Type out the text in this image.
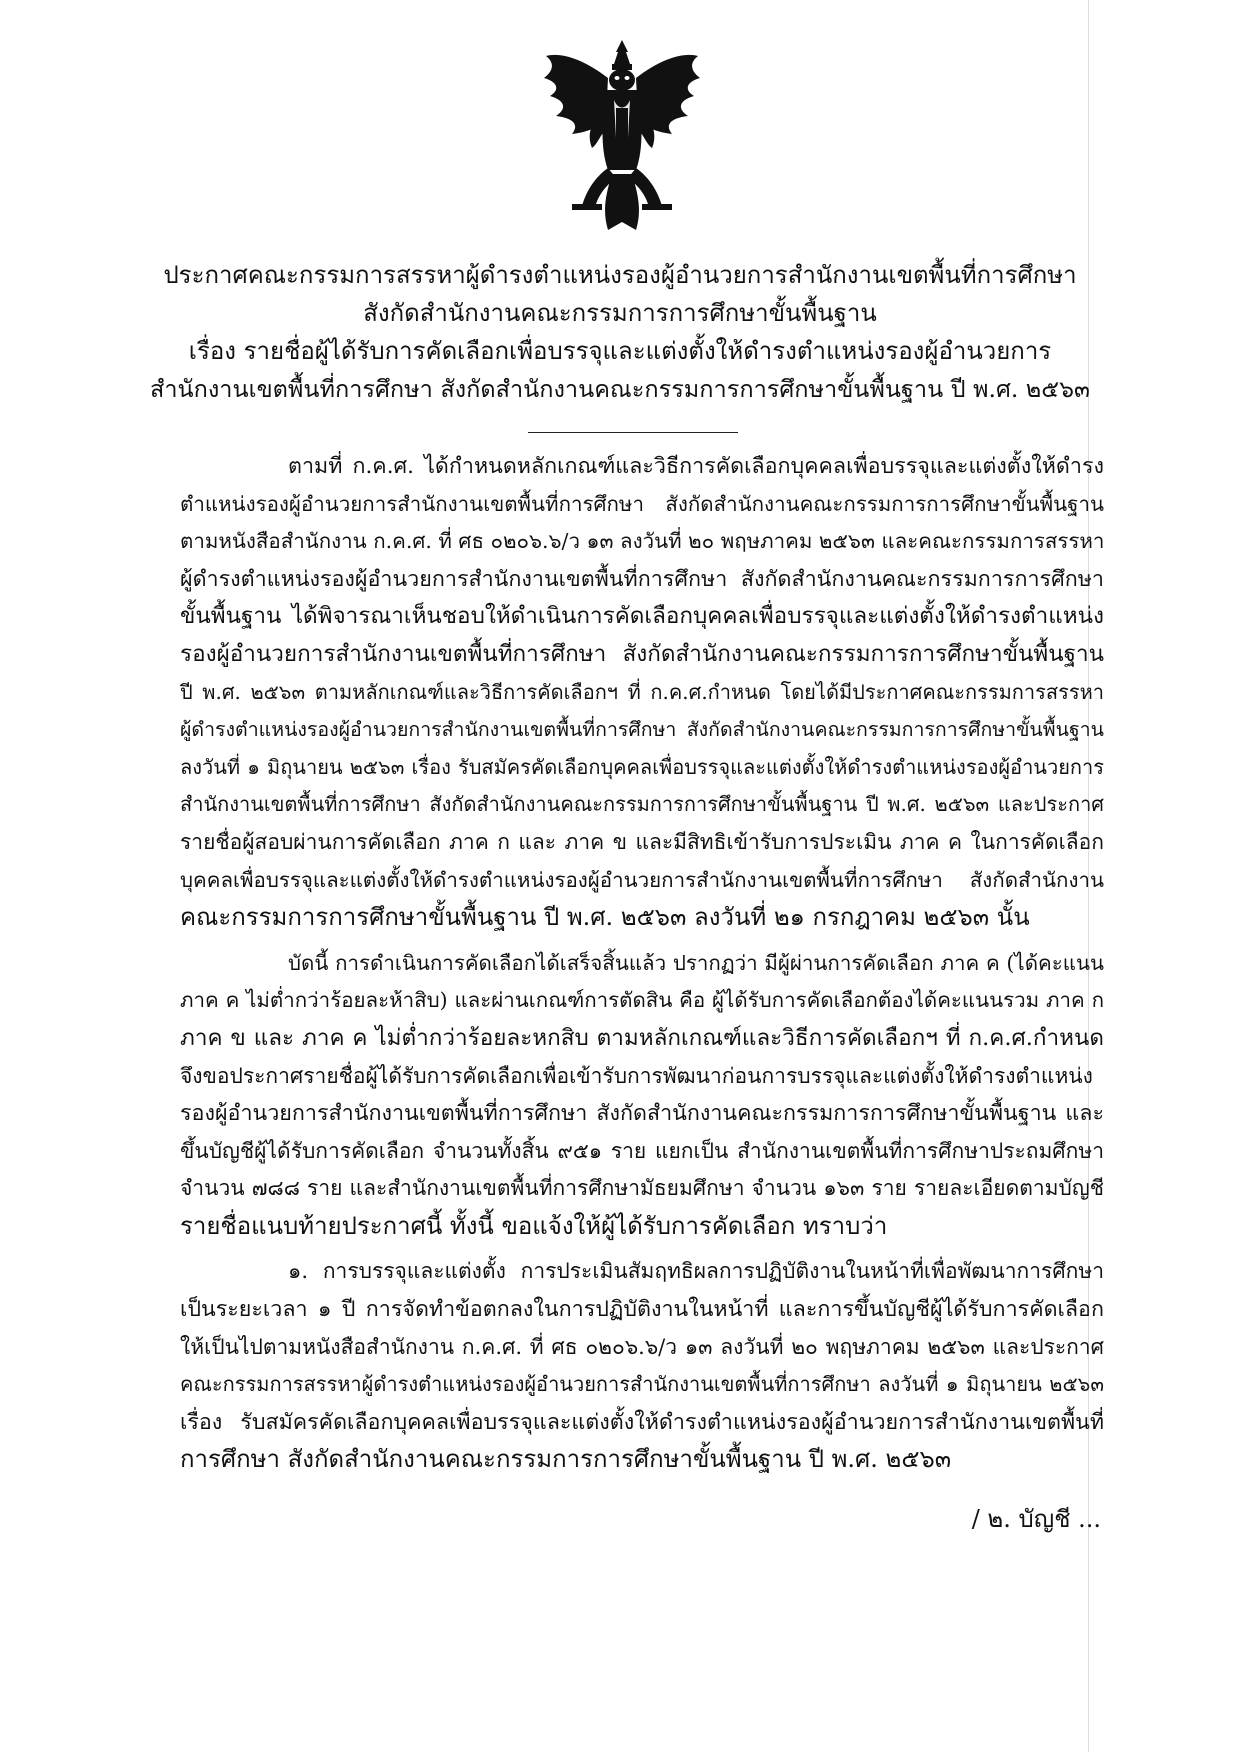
ประกาศคณะกรรมการสรรหาผู้ดำรงตำแหน่งรองผู้อำนวยการสำนักงานเขตพื้นที่การศึกษา
สังกัดสำนักงานคณะกรรมการการศึกษาขั้นพื้นฐาน
เรื่อง รายชื่อผู้ได้รับการคัดเลือกเพื่อบรรจุและแต่งตั้งให้ดำรงตำแหน่งรองผู้อำนวยการ
สำนักงานเขตพื้นที่การศึกษา สังกัดสำนักงานคณะกรรมการการศึกษาขั้นพื้นฐาน ปี พ.ศ. ๒๕๖๓
ตามที่ ก.ค.ศ. ได้กำหนดหลักเกณฑ์และวิธีการคัดเลือกบุคคลเพื่อบรรจุและแต่งตั้งให้ดำรง
ตำแหน่งรองผู้อำนวยการสำนักงานเขตพื้นที่การศึกษา สังกัดสำนักงานคณะกรรมการการศึกษาขั้นพื้นฐาน
ตามหนังสือสำนักงาน ก.ค.ศ. ที่ ศธ ๐๒๐๖.๖/ว ๑๓ ลงวันที่ ๒๐ พฤษภาคม ๒๕๖๓ และคณะกรรมการสรรหา
ผู้ดำรงตำแหน่งรองผู้อำนวยการสำนักงานเขตพื้นที่การศึกษา สังกัดสำนักงานคณะกรรมการการศึกษา
ขั้นพื้นฐาน ได้พิจารณาเห็นชอบให้ดำเนินการคัดเลือกบุคคลเพื่อบรรจุและแต่งตั้งให้ดำรงตำแหน่ง
รองผู้อำนวยการสำนักงานเขตพื้นที่การศึกษา สังกัดสำนักงานคณะกรรมการการศึกษาขั้นพื้นฐาน
ปี พ.ศ. ๒๕๖๓ ตามหลักเกณฑ์และวิธีการคัดเลือกฯ ที่ ก.ค.ศ.กำหนด โดยได้มีประกาศคณะกรรมการสรรหา
ผู้ดำรงตำแหน่งรองผู้อำนวยการสำนักงานเขตพื้นที่การศึกษา สังกัดสำนักงานคณะกรรมการการศึกษาขั้นพื้นฐาน
ลงวันที่ ๑ มิถุนายน ๒๕๖๓ เรื่อง รับสมัครคัดเลือกบุคคลเพื่อบรรจุและแต่งตั้งให้ดำรงตำแหน่งรองผู้อำนวยการ
สำนักงานเขตพื้นที่การศึกษา สังกัดสำนักงานคณะกรรมการการศึกษาขั้นพื้นฐาน ปี พ.ศ. ๒๕๖๓ และประกาศ
รายชื่อผู้สอบผ่านการคัดเลือก ภาค ก และ ภาค ข และมีสิทธิเข้ารับการประเมิน ภาค ค ในการคัดเลือก
บุคคลเพื่อบรรจุและแต่งตั้งให้ดำรงตำแหน่งรองผู้อำนวยการสำนักงานเขตพื้นที่การศึกษา สังกัดสำนักงาน
คณะกรรมการการศึกษาขั้นพื้นฐาน ปี พ.ศ. ๒๕๖๓ ลงวันที่ ๒๑ กรกฎาคม ๒๕๖๓ นั้น
บัดนี้ การดำเนินการคัดเลือกได้เสร็จสิ้นแล้ว ปรากฏว่า มีผู้ผ่านการคัดเลือก ภาค ค (ได้คะแนน
ภาค ค ไม่ต่ำกว่าร้อยละห้าสิบ) และผ่านเกณฑ์การตัดสิน คือ ผู้ได้รับการคัดเลือกต้องได้คะแนนรวม ภาค ก
ภาค ข และ ภาค ค ไม่ต่ำกว่าร้อยละหกสิบ ตามหลักเกณฑ์และวิธีการคัดเลือกฯ ที่ ก.ค.ศ.กำหนด
จึงขอประกาศรายชื่อผู้ได้รับการคัดเลือกเพื่อเข้ารับการพัฒนาก่อนการบรรจุและแต่งตั้งให้ดำรงตำแหน่ง
รองผู้อำนวยการสำนักงานเขตพื้นที่การศึกษา สังกัดสำนักงานคณะกรรมการการศึกษาขั้นพื้นฐาน และ
ขึ้นบัญชีผู้ได้รับการคัดเลือก จำนวนทั้งสิ้น ๙๕๑ ราย แยกเป็น สำนักงานเขตพื้นที่การศึกษาประถมศึกษา
จำนวน ๗๘๘ ราย และสำนักงานเขตพื้นที่การศึกษามัธยมศึกษา จำนวน ๑๖๓ ราย รายละเอียดตามบัญชี
รายชื่อแนบท้ายประกาศนี้ ทั้งนี้ ขอแจ้งให้ผู้ได้รับการคัดเลือก ทราบว่า
๑. การบรรจุและแต่งตั้ง การประเมินสัมฤทธิผลการปฏิบัติงานในหน้าที่เพื่อพัฒนาการศึกษา
เป็นระยะเวลา ๑ ปี การจัดทำข้อตกลงในการปฏิบัติงานในหน้าที่ และการขึ้นบัญชีผู้ได้รับการคัดเลือก
ให้เป็นไปตามหนังสือสำนักงาน ก.ค.ศ. ที่ ศธ ๐๒๐๖.๖/ว ๑๓ ลงวันที่ ๒๐ พฤษภาคม ๒๕๖๓ และประกาศ
คณะกรรมการสรรหาผู้ดำรงตำแหน่งรองผู้อำนวยการสำนักงานเขตพื้นที่การศึกษา ลงวันที่ ๑ มิถุนายน ๒๕๖๓
เรื่อง รับสมัครคัดเลือกบุคคลเพื่อบรรจุและแต่งตั้งให้ดำรงตำแหน่งรองผู้อำนวยการสำนักงานเขตพื้นที่
การศึกษา สังกัดสำนักงานคณะกรรมการการศึกษาขั้นพื้นฐาน ปี พ.ศ. ๒๕๖๓
/ ๒. บัญชี ...
